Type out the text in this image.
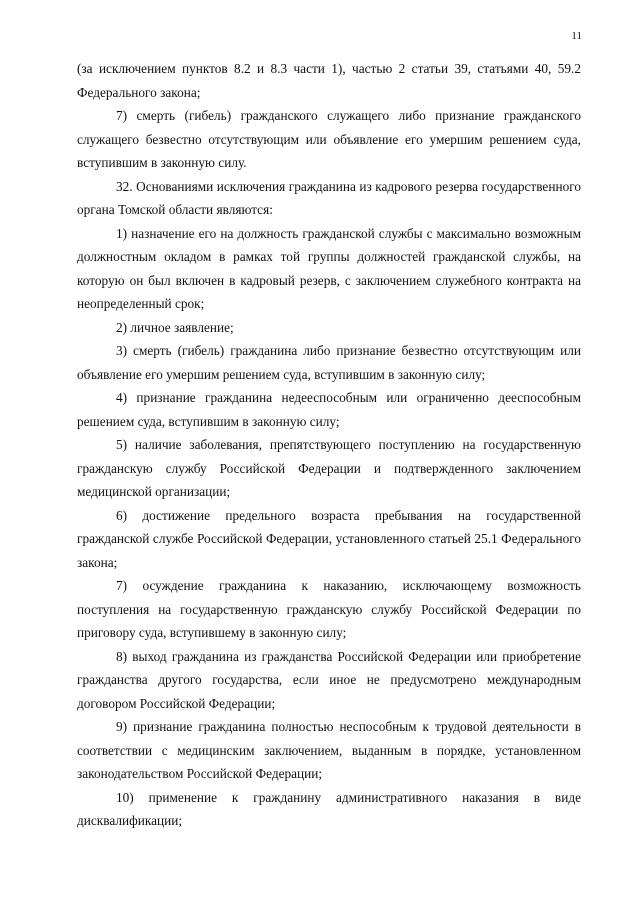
11

(за исключением пунктов 8.2 и 8.3 части 1), частью 2 статьи 39, статьями 40, 59.2 Федерального закона;

7) смерть (гибель) гражданского служащего либо признание гражданского служащего безвестно отсутствующим или объявление его умершим решением суда, вступившим в законную силу.

32. Основаниями исключения гражданина из кадрового резерва государственного органа Томской области являются:

1) назначение его на должность гражданской службы с максимально возможным должностным окладом в рамках той группы должностей гражданской службы, на которую он был включен в кадровый резерв, с заключением служебного контракта на неопределенный срок;

2) личное заявление;

3) смерть (гибель) гражданина либо признание безвестно отсутствующим или объявление его умершим решением суда, вступившим в законную силу;

4) признание гражданина недееспособным или ограниченно дееспособным решением суда, вступившим в законную силу;

5) наличие заболевания, препятствующего поступлению на государственную гражданскую службу Российской Федерации и подтвержденного заключением медицинской организации;

6) достижение предельного возраста пребывания на государственной гражданской службе Российской Федерации, установленного статьей 25.1 Федерального закона;

7) осуждение гражданина к наказанию, исключающему возможность поступления на государственную гражданскую службу Российской Федерации по приговору суда, вступившему в законную силу;

8) выход гражданина из гражданства Российской Федерации или приобретение гражданства другого государства, если иное не предусмотрено международным договором Российской Федерации;

9) признание гражданина полностью неспособным к трудовой деятельности в соответствии с медицинским заключением, выданным в порядке, установленном законодательством Российской Федерации;

10) применение к гражданину административного наказания в виде дисквалификации;
